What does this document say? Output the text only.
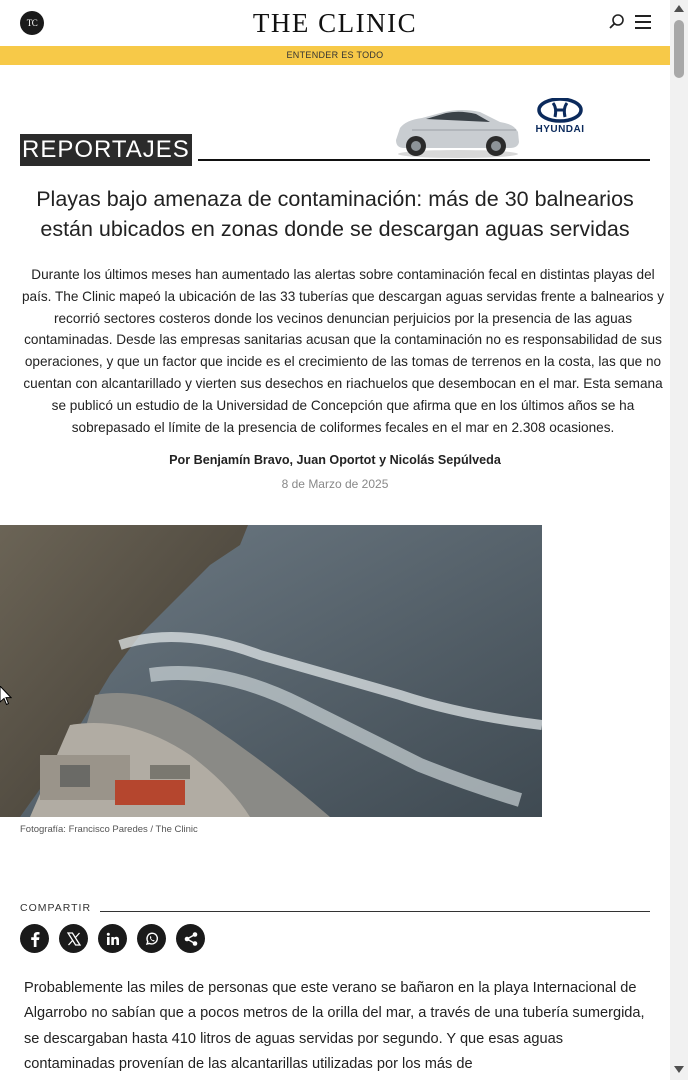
TC	THE CLINIC
ENTENDER ES TODO
HYUNDAI
REPORTAJES
Playas bajo amenaza de contaminación: más de 30 balnearios están ubicados en zonas donde se descargan aguas servidas

Durante los últimos meses han aumentado las alertas sobre contaminación fecal en distintas playas del país. The Clinic mapeó la ubicación de las 33 tuberías que descargan aguas servidas frente a balnearios y recorrió sectores costeros donde los vecinos denuncian perjuicios por la presencia de las aguas contaminadas. Desde las empresas sanitarias acusan que la contaminación no es responsabilidad de sus operaciones, y que un factor que incide es el crecimiento de las tomas de terrenos en la costa, las que no cuentan con alcantarillado y vierten sus desechos en riachuelos que desembocan en el mar. Esta semana se publicó un estudio de la Universidad de Concepción que afirma que en los últimos años se ha sobrepasado el límite de la presencia de coliformes fecales en el mar en 2.308 ocasiones.

Por Benjamín Bravo, Juan Oportot y Nicolás Sepúlveda
8 de Marzo de 2025
Fotografía: Francisco Paredes / The Clinic
COMPARTIR

Probablemente las miles de personas que este verano se bañaron en la playa Internacional de Algarrobo no sabían que a pocos metros de la orilla del mar, a través de una tubería sumergida, se descargaban hasta 410 litros de aguas servidas por segundo. Y que esas aguas contaminadas provenían de las alcantarillas utilizadas por los más de
